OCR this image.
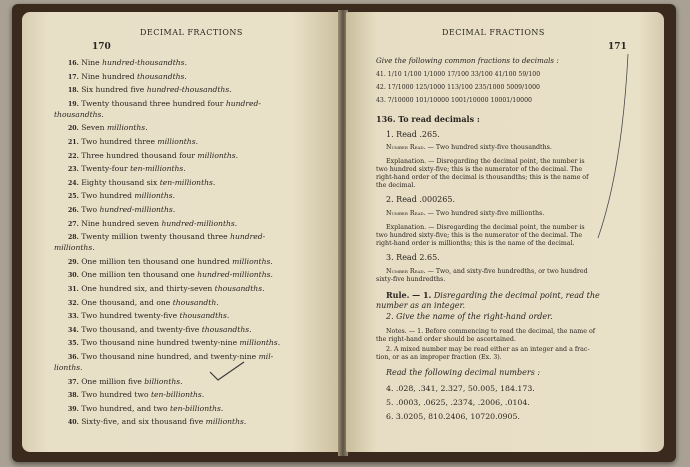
DECIMAL FRACTIONS
170
16. Nine hundred-thousandths.
17. Nine hundred thousandths.
18. Six hundred five hundred-thousandths.
19. Twenty thousand three hundred four hundred-
thousandths.
20. Seven millionths.
21. Two hundred three millionths.
22. Three hundred thousand four millionths.
23. Twenty-four ten-millionths.
24. Eighty thousand six ten-millionths.
25. Two hundred millionths.
26. Two hundred-millionths.
27. Nine hundred seven hundred-millionths.
28. Twenty million twenty thousand three hundred-
millionths.
29. One million ten thousand one hundred millionths.
30. One million ten thousand one hundred-millionths.
31. One hundred six, and thirty-seven thousandths.
32. One thousand, and one thousandth.
33. Two hundred twenty-five thousandths.
34. Two thousand, and twenty-five thousandths.
35. Two thousand nine hundred twenty-nine millionths.
36. Two thousand nine hundred, and twenty-nine mil-
lionths.
37. One million five billionths.
38. Two hundred two ten-billionths.
39. Two hundred, and two ten-billionths.
40. Sixty-five, and six thousand five millionths.
DECIMAL FRACTIONS
171
Give the following common fractions to decimals :
41. 1/10 1/100 1/1000 17/100 33/100 41/100 59/100
42. 17/1000 125/1000 113/100 235/1000 5009/1000
43. 7/10000 101/10000 1001/10000 10001/10000
136. To read decimals :
1. Read .265.
Number Read. — Two hundred sixty-five thousandths.
Explanation. — Disregarding the decimal point, the number is
two hundred sixty-five; this is the numerator of the decimal. The
right-hand order of the decimal is thousandths; this is the name of
the decimal.
2. Read .000265.
Number Read. — Two hundred sixty-five millionths.
Explanation. — Disregarding the decimal point, the number is
two hundred sixty-five; this is the numerator of the decimal. The
right-hand order is millionths; this is the name of the decimal.
3. Read 2.65.
Number Read. — Two, and sixty-five hundredths, or two hundred
sixty-five hundredths.
Rule. — 1. Disregarding the decimal point, read the
number as an integer.
2. Give the name of the right-hand order.
Notes. — 1. Before commencing to read the decimal, the name of
the right-hand order should be ascertained.
2. A mixed number may be read either as an integer and a frac-
tion, or as an improper fraction (Ex. 3).
Read the following decimal numbers :
4. .028, .341, 2.327, 50.005, 184.173.
5. .0003, .0625, .2374, .2006, .0104.
6. 3.0205, 810.2406, 10720.0905.
